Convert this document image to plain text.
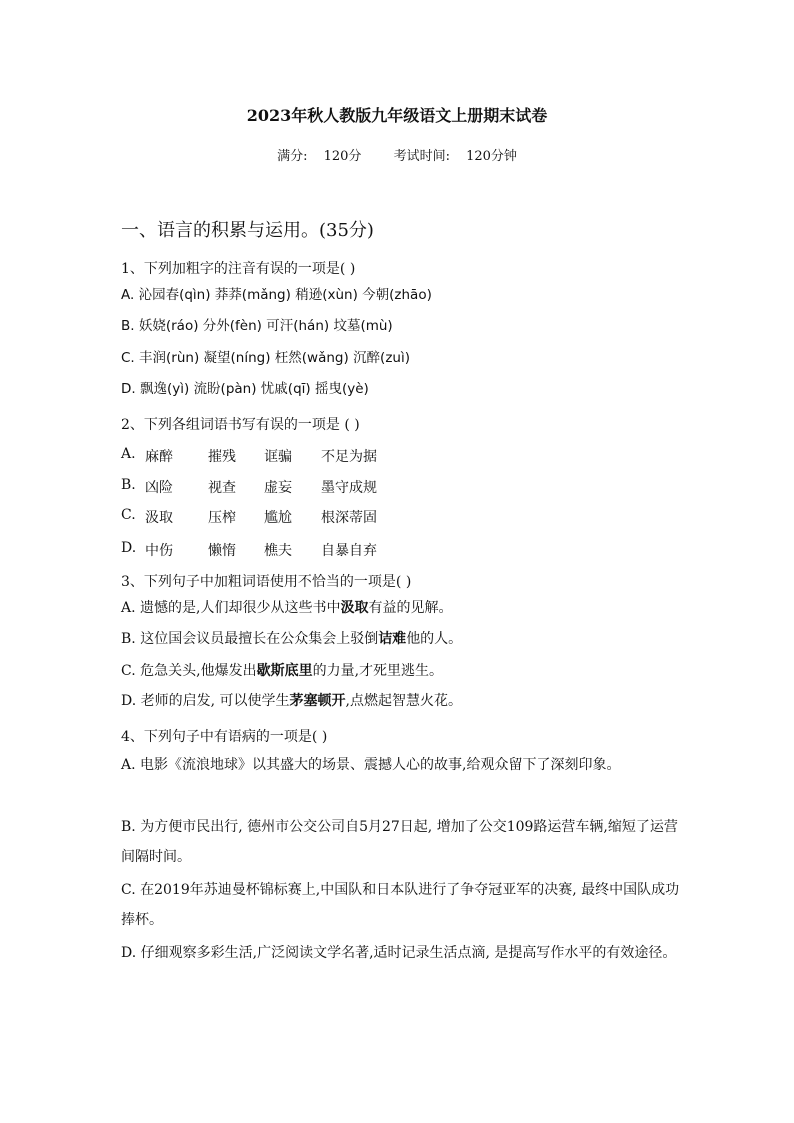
2023年秋人教版九年级语文上册期末试卷
满分: 120分 考试时间: 120分钟
一、语言的积累与运用。(35分)
1、下列加粗字的注音有误的一项是( )
A. 沁园春(qìn) 莽莽(mǎng) 稍逊(xùn) 今朝(zhāo)
B. 妖娆(ráo) 分外(fèn) 可汗(hán) 坟墓(mù)
C. 丰润(rùn) 凝望(níng) 枉然(wǎng) 沉醉(zuì)
D. 飘逸(yì) 流盼(pàn) 忧戚(qī) 摇曳(yè)
2、下列各组词语书写有误的一项是 ( )
A. 麻醉	摧残 诓骗 不足为据
B. 凶险	视查 虚妄 墨守成规
C. 汲取	压榨 尴尬 根深蒂固
D. 中伤	懒惰 樵夫 自暴自弃
3、下列句子中加粗词语使用不恰当的一项是( )
A. 遗憾的是,人们却很少从这些书中汲取有益的见解。
B. 这位国会议员最擅长在公众集会上驳倒诘难他的人。
C. 危急关头,他爆发出歇斯底里的力量,才死里逃生。
D. 老师的启发, 可以使学生茅塞顿开,点燃起智慧火花。
4、下列句子中有语病的一项是( )
A. 电影《流浪地球》以其盛大的场景、震撼人心的故事,给观众留下了深刻印象。
B. 为方便市民出行, 德州市公交公司自5月27日起, 增加了公交109路运营车辆,缩短了运营间隔时间。
C. 在2019年苏迪曼杯锦标赛上,中国队和日本队进行了争夺冠亚军的决赛, 最终中国队成功捧杯。
D. 仔细观察多彩生活,广泛阅读文学名著,适时记录生活点滴, 是提高写作水平的有效途径。
